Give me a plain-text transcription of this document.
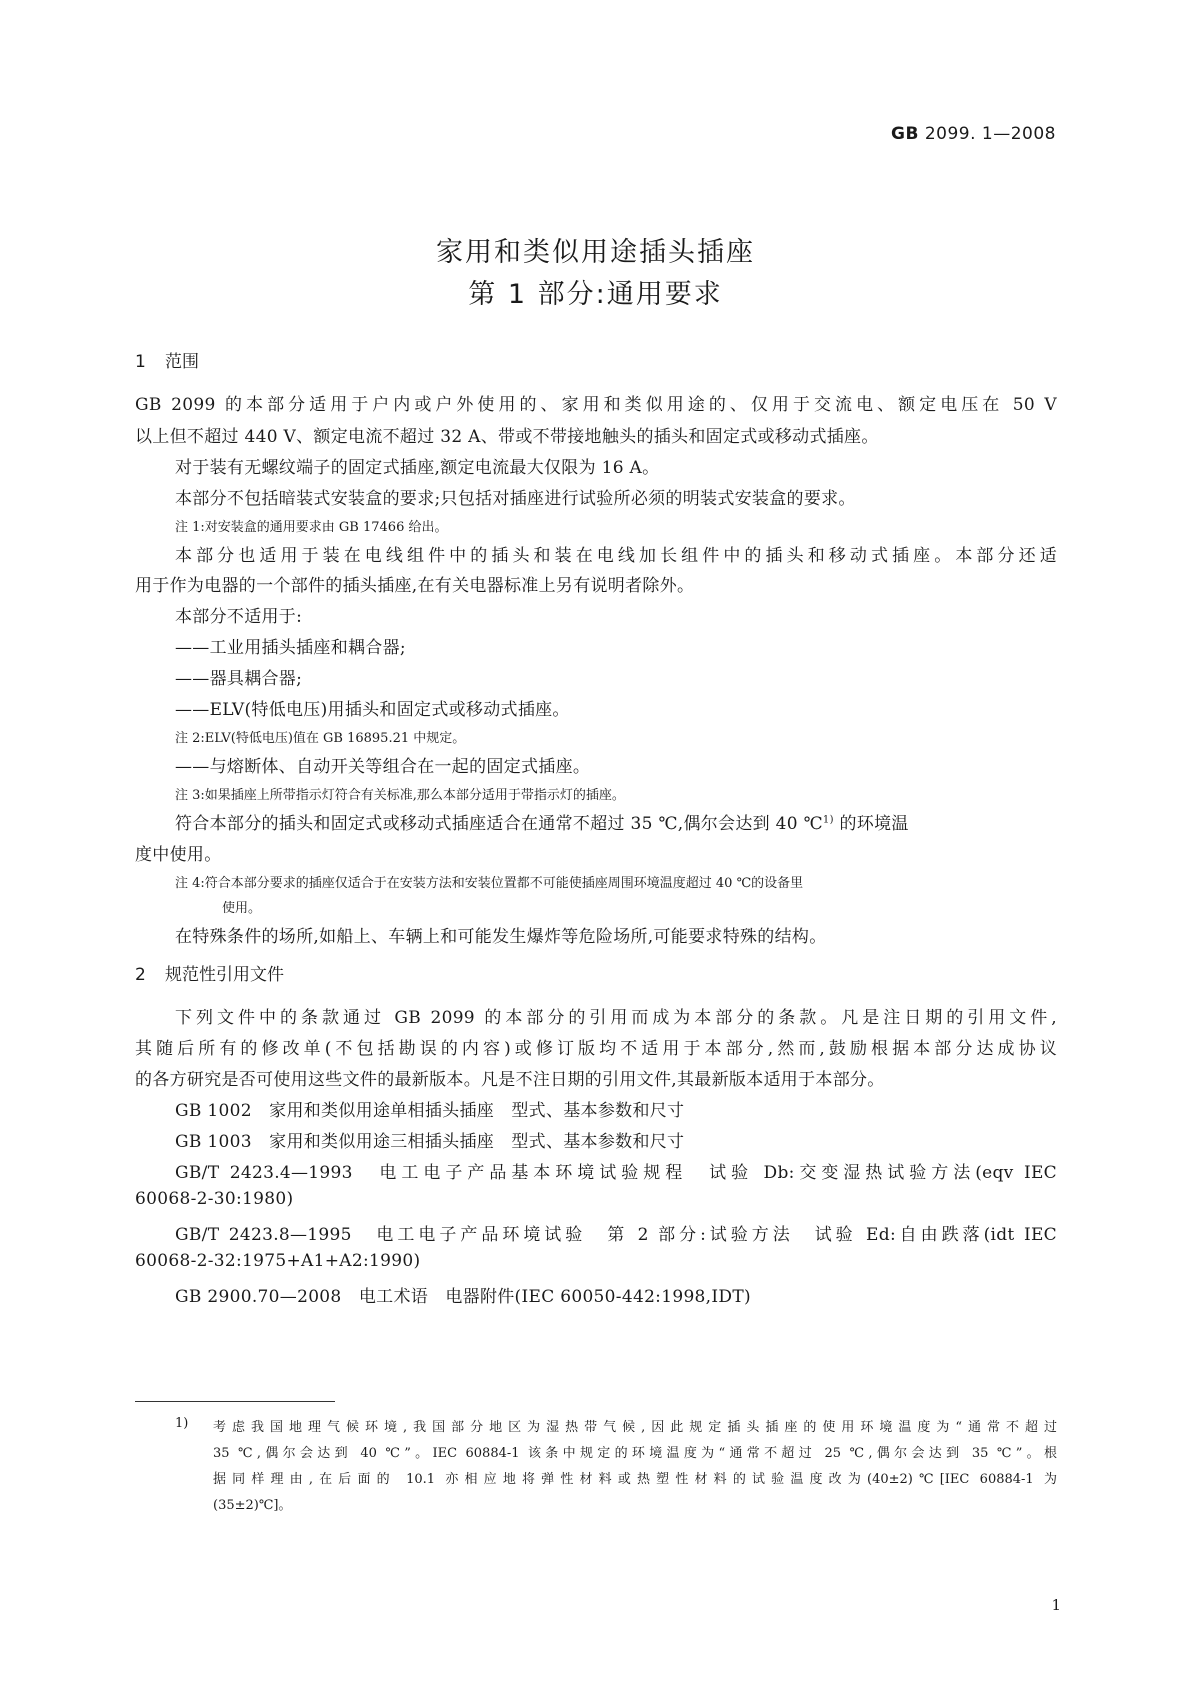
GB 2099. 1—2008
家用和类似用途插头插座
第 1 部分:通用要求
1 范围
GB 2099 的本部分适用于户内或户外使用的、家用和类似用途的、仅用于交流电、额定电压在 50 V
以上但不超过 440 V、额定电流不超过 32 A、带或不带接地触头的插头和固定式或移动式插座。
对于装有无螺纹端子的固定式插座,额定电流最大仅限为 16 A。
本部分不包括暗装式安装盒的要求;只包括对插座进行试验所必须的明装式安装盒的要求。
注 1:对安装盒的通用要求由 GB 17466 给出。
本部分也适用于装在电线组件中的插头和装在电线加长组件中的插头和移动式插座。本部分还适
用于作为电器的一个部件的插头插座,在有关电器标准上另有说明者除外。
本部分不适用于:
——工业用插头插座和耦合器;
——器具耦合器;
——ELV(特低电压)用插头和固定式或移动式插座。
注 2:ELV(特低电压)值在 GB 16895.21 中规定。
——与熔断体、自动开关等组合在一起的固定式插座。
注 3:如果插座上所带指示灯符合有关标准,那么本部分适用于带指示灯的插座。
符合本部分的插头和固定式或移动式插座适合在通常不超过 35 ℃,偶尔会达到 40 ℃$^{1)}$ 的环境温
度中使用。
注 4:符合本部分要求的插座仅适合于在安装方法和安装位置都不可能使插座周围环境温度超过 40 ℃的设备里
使用。
在特殊条件的场所,如船上、车辆上和可能发生爆炸等危险场所,可能要求特殊的结构。
2 规范性引用文件
下列文件中的条款通过 GB 2099 的本部分的引用而成为本部分的条款。凡是注日期的引用文件,
其随后所有的修改单(不包括勘误的内容)或修订版均不适用于本部分,然而,鼓励根据本部分达成协议
的各方研究是否可使用这些文件的最新版本。凡是不注日期的引用文件,其最新版本适用于本部分。
GB 1002　家用和类似用途单相插头插座　型式、基本参数和尺寸
GB 1003　家用和类似用途三相插头插座　型式、基本参数和尺寸
GB/T 2423.4—1993　电工电子产品基本环境试验规程　试验 Db:交变湿热试验方法(eqv IEC
60068-2-30:1980)
GB/T 2423.8—1995　电工电子产品环境试验　第 2 部分:试验方法　试验 Ed:自由跌落(idt IEC
60068-2-32:1975+A1+A2:1990)
GB 2900.70—2008　电工术语　电器附件(IEC 60050-442:1998,IDT)
1) 考虑我国地理气候环境,我国部分地区为湿热带气候,因此规定插头插座的使用环境温度为“通常不超过
35 ℃,偶尔会达到 40 ℃”。IEC 60884-1 该条中规定的环境温度为“通常不超过 25 ℃,偶尔会达到 35 ℃”。根
据同样理由,在后面的 10.1 亦相应地将弹性材料或热塑性材料的试验温度改为(40±2)℃[IEC 60884-1 为
(35±2)℃]。
1
